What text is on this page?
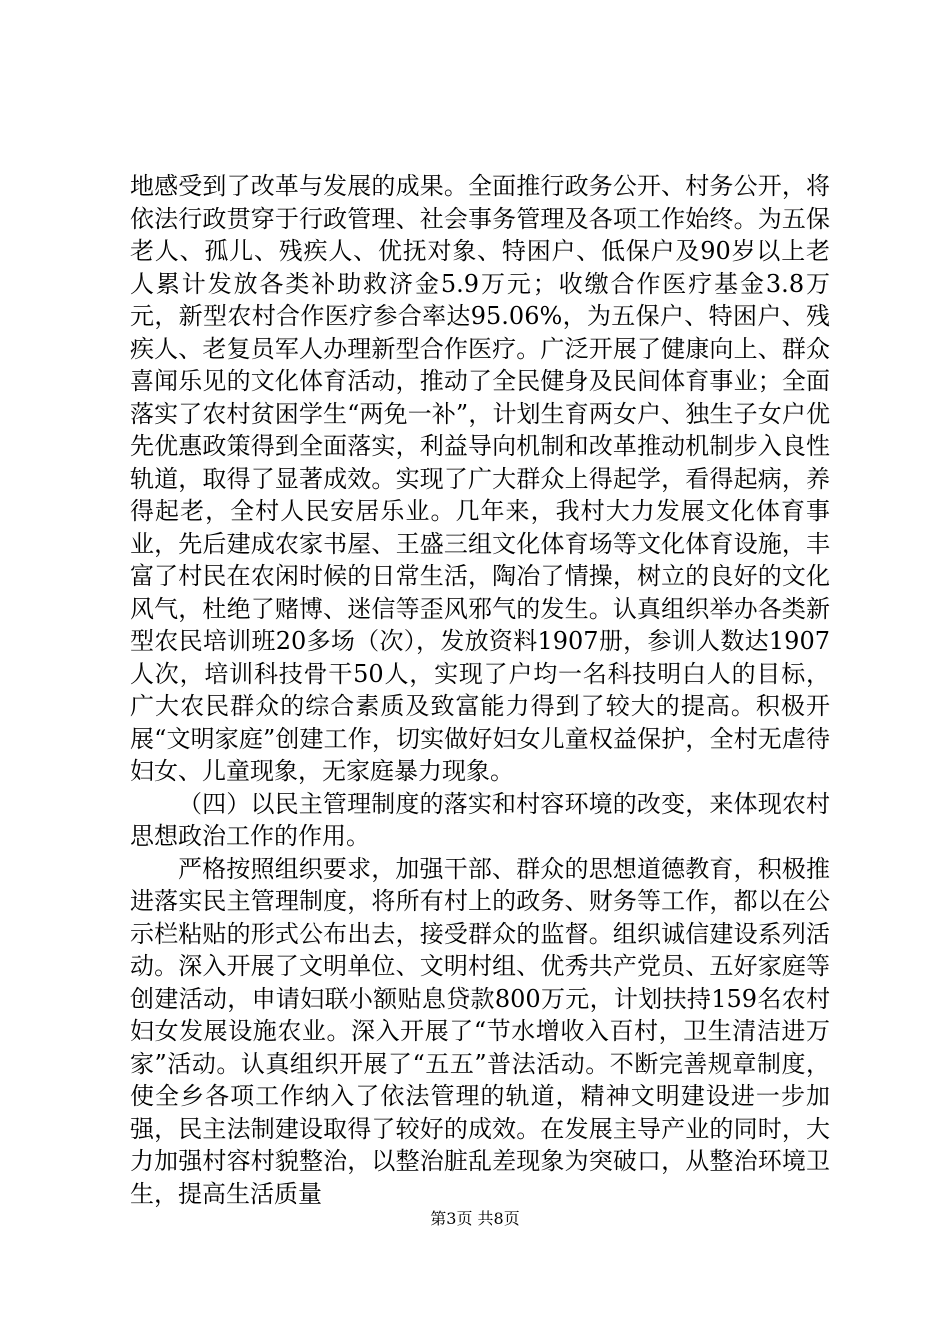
地感受到了改革与发展的成果。全面推行政务公开、村务公开，将依法行政贯穿于行政管理、社会事务管理及各项工作始终。为五保老人、孤儿、残疾人、优抚对象、特困户、低保户及90岁以上老人累计发放各类补助救济金5.9万元；收缴合作医疗基金3.8万元，新型农村合作医疗参合率达95.06%，为五保户、特困户、残疾人、老复员军人办理新型合作医疗。广泛开展了健康向上、群众喜闻乐见的文化体育活动，推动了全民健身及民间体育事业；全面落实了农村贫困学生“两免一补”，计划生育两女户、独生子女户优先优惠政策得到全面落实，利益导向机制和改革推动机制步入良性轨道，取得了显著成效。实现了广大群众上得起学，看得起病，养得起老，全村人民安居乐业。几年来，我村大力发展文化体育事业，先后建成农家书屋、王盛三组文化体育场等文化体育设施，丰富了村民在农闲时候的日常生活，陶冶了情操，树立的良好的文化风气，杜绝了赌博、迷信等歪风邪气的发生。认真组织举办各类新型农民培训班20多场（次），发放资料1907册，参训人数达1907人次，培训科技骨干50人，实现了户均一名科技明白人的目标，广大农民群众的综合素质及致富能力得到了较大的提高。积极开展“文明家庭”创建工作，切实做好妇女儿童权益保护，全村无虐待妇女、儿童现象，无家庭暴力现象。

（四）以民主管理制度的落实和村容环境的改变，来体现农村思想政治工作的作用。

严格按照组织要求，加强干部、群众的思想道德教育，积极推进落实民主管理制度，将所有村上的政务、财务等工作，都以在公示栏粘贴的形式公布出去，接受群众的监督。组织诚信建设系列活动。深入开展了文明单位、文明村组、优秀共产党员、五好家庭等创建活动，申请妇联小额贴息贷款800万元，计划扶持159名农村妇女发展设施农业。深入开展了“节水增收入百村，卫生清洁进万家”活动。认真组织开展了“五五”普法活动。不断完善规章制度，使全乡各项工作纳入了依法管理的轨道，精神文明建设进一步加强，民主法制建设取得了较好的成效。在发展主导产业的同时，大力加强村容村貌整治，以整治脏乱差现象为突破口，从整治环境卫生，提高生活质量

第3页 共8页
